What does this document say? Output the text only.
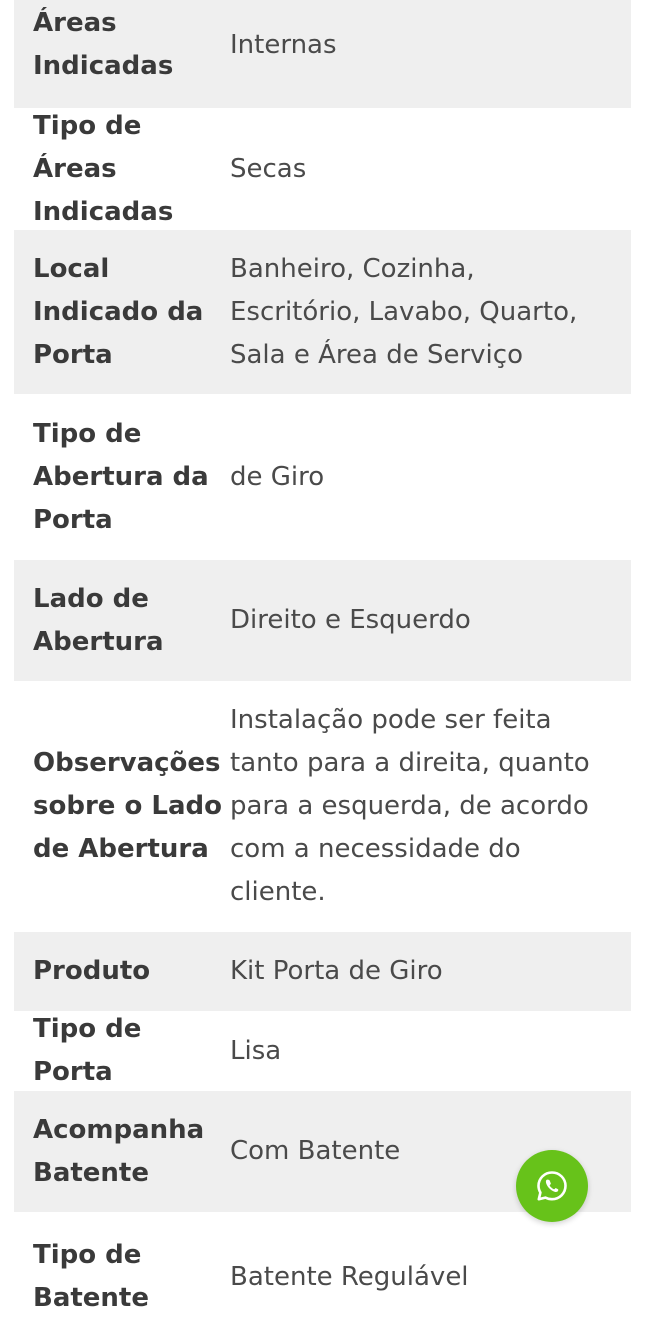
Áreas Indicadas
Internas
Tipo de Áreas Indicadas
Secas
Local Indicado da Porta
Banheiro, Cozinha, Escritório, Lavabo, Quarto, Sala e Área de Serviço
Tipo de Abertura da Porta
de Giro
Lado de Abertura
Direito e Esquerdo
Observações sobre o Lado de Abertura
Instalação pode ser feita tanto para a direita, quanto para a esquerda, de acordo com a necessidade do cliente.
Produto	Kit Porta de Giro
Tipo de Porta
Lisa
Acompanha Batente
Com Batente
Tipo de Batente
Batente Regulável
